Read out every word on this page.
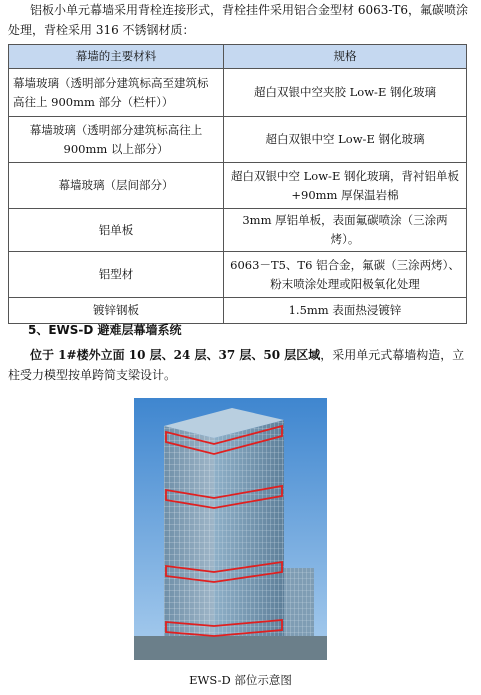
铝板小单元幕墙采用背栓连接形式，背栓挂件采用铝合金型材 6063-T6，氟碳喷涂处理，背栓采用 316 不锈钢材质：
幕墙的主要材料	规格
幕墙玻璃（透明部分建筑标高至建筑标
高往上 900mm 部分（栏杆））	超白双银中空夹胶 Low-E 钢化玻璃
幕墙玻璃（透明部分建筑标高往上 900mm 以上部分）	超白双银中空 Low-E 钢化玻璃
幕墙玻璃（层间部分）	超白双银中空 Low-E 钢化玻璃，背衬铝单板 +90mm 厚保温岩棉
铝单板	3mm 厚铝单板，表面氟碳喷涂（三涂两烤）。
铝型材	6063－T5、T6 铝合金，氟碳（三涂两烤）、粉末喷涂处理或阳极氧化处理
镀锌钢板	1.5mm 表面热浸镀锌
5、EWS-D 避难层幕墙系统
位于 1#楼外立面 10 层、24 层、37 层、50 层区域，采用单元式幕墙构造，立柱受力模型按单跨简支梁设计。
EWS-D 部位示意图
